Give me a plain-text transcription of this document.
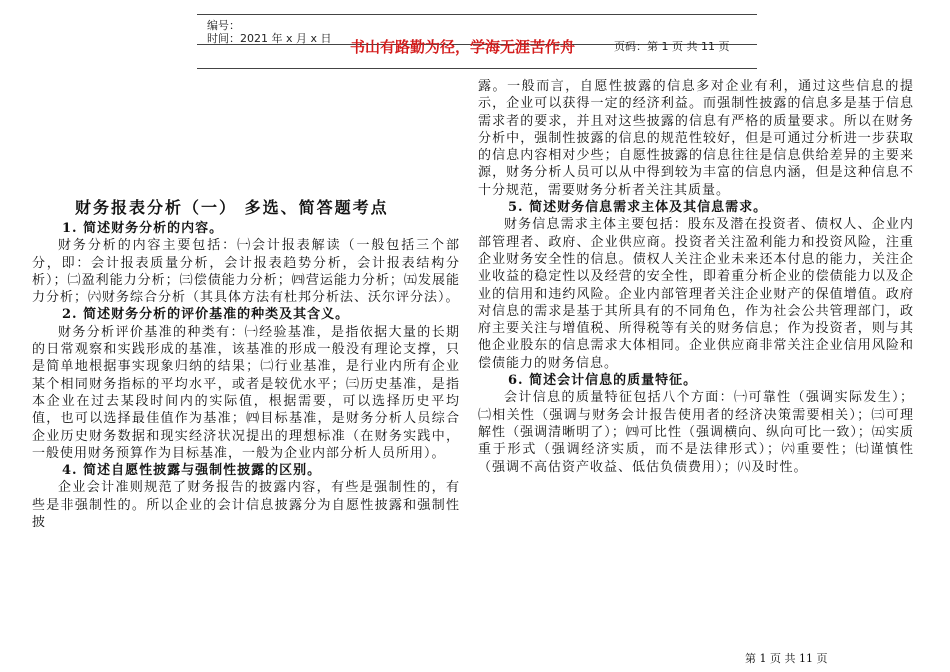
编号：
时间：2021 年 x 月 x 日 书山有路勤为径，学海无涯苦作舟	页码：第 1 页 共 11 页
财务报表分析（一） 多选、简答题考点
1. 简述财务分析的内容。

财务分析的内容主要包括：㈠会计报表解读（一般包括三个部分，即：会计报表质量分析，会计报表趋势分析，会计报表结构分析）；㈡盈利能力分析；㈢偿债能力分析；㈣营运能力分析；㈤发展能力分析；㈥财务综合分析（其具体方法有杜邦分析法、沃尔评分法）。

2. 简述财务分析的评价基准的种类及其含义。

财务分析评价基准的种类有：㈠经验基准，是指依据大量的长期的日常观察和实践形成的基准，该基准的形成一般没有理论支撑，只是简单地根据事实现象归纳的结果；㈡行业基准，是行业内所有企业某个相同财务指标的平均水平，或者是较优水平；㈢历史基准，是指本企业在过去某段时间内的实际值，根据需要，可以选择历史平均值，也可以选择最佳值作为基准；㈣目标基准，是财务分析人员综合企业历史财务数据和现实经济状况提出的理想标准（在财务实践中，一般使用财务预算作为目标基准，一般为企业内部分析人员所用）。

4. 简述自愿性披露与强制性披露的区别。

企业会计准则规范了财务报告的披露内容，有些是强制性的，有些是非强制性的。所以企业的会计信息披露分为自愿性披露和强制性披

露。一般而言，自愿性披露的信息多对企业有利，通过这些信息的提示，企业可以获得一定的经济利益。而强制性披露的信息多是基于信息需求者的要求，并且对这些披露的信息有严格的质量要求。所以在财务分析中，强制性披露的信息的规范性较好，但是可通过分析进一步获取的信息内容相对少些；自愿性披露的信息往往是信息供给差异的主要来源，财务分析人员可以从中得到较为丰富的信息内涵，但是这种信息不十分规范，需要财务分析者关注其质量。

5. 简述财务信息需求主体及其信息需求。

财务信息需求主体主要包括：股东及潜在投资者、债权人、企业内部管理者、政府、企业供应商。投资者关注盈利能力和投资风险，注重企业财务安全性的信息。债权人关注企业未来还本付息的能力，关注企业收益的稳定性以及经营的安全性，即着重分析企业的偿债能力以及企业的信用和违约风险。企业内部管理者关注企业财产的保值增值。政府对信息的需求是基于其所具有的不同角色，作为社会公共管理部门，政府主要关注与增值税、所得税等有关的财务信息；作为投资者，则与其他企业股东的信息需求大体相同。企业供应商非常关注企业信用风险和偿债能力的财务信息。

6. 简述会计信息的质量特征。

会计信息的质量特征包括八个方面：㈠可靠性（强调实际发生）；㈡相关性（强调与财务会计报告使用者的经济决策需要相关）；㈢可理解性（强调清晰明了）；㈣可比性（强调横向、纵向可比一致）；㈤实质重于形式（强调经济实质，而不是法律形式）；㈥重要性；㈦谨慎性（强调不高估资产收益、低估负债费用）；㈧及时性。

第 1 页 共 11 页
